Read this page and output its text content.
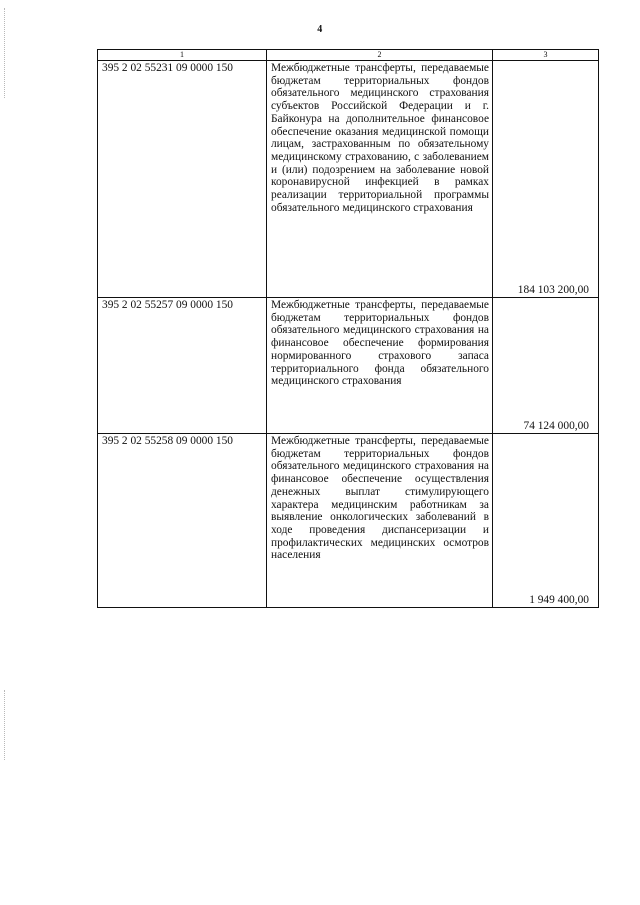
4
1	2	3
395 2 02 55231 09 0000 150	Межбюджетные трансферты, передаваемые бюджетам территориальных фондов обязательного медицинского страхования субъектов Российской Федерации и г. Байконура на дополнительное финансовое обеспечение оказания медицинской помощи лицам, застрахованным по обязательному медицинскому страхованию, с заболеванием и (или) подозрением на заболевание новой коронавирусной инфекцией в рамках реализации территориальной программы обязательного медицинского страхования	184 103 200,00
395 2 02 55257 09 0000 150	Межбюджетные трансферты, передаваемые бюджетам территориальных фондов обязательного медицинского страхования на финансовое обеспечение формирования нормированного страхового запаса территориального фонда обязательного медицинского страхования	74 124 000,00
395 2 02 55258 09 0000 150	Межбюджетные трансферты, передаваемые бюджетам территориальных фондов обязательного медицинского страхования на финансовое обеспечение осуществления денежных выплат стимулирующего характера медицинским работникам за выявление онкологических заболеваний в ходе проведения диспансеризации и профилактических медицинских осмотров населения	1 949 400,00
